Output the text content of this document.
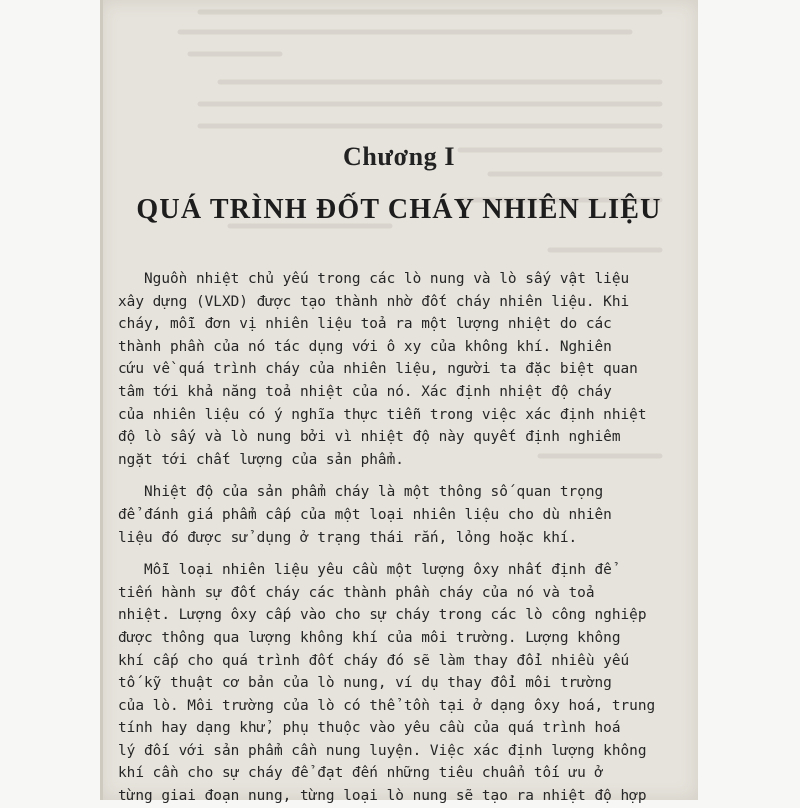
Chương I
QUÁ TRÌNH ĐỐT CHÁY NHIÊN LIỆU
Nguồn nhiệt chủ yếu trong các lò nung và lò sấy vật liệu
xây dựng (VLXD) được tạo thành nhờ đốt cháy nhiên liệu. Khi
cháy, mỗi đơn vị nhiên liệu toả ra một lượng nhiệt do các
thành phần của nó tác dụng với ô xy của không khí. Nghiên
cứu về quá trình cháy của nhiên liệu, người ta đặc biệt quan
tâm tới khả năng toả nhiệt của nó. Xác định nhiệt độ cháy
của nhiên liệu có ý nghĩa thực tiễn trong việc xác định nhiệt
độ lò sấy và lò nung bởi vì nhiệt độ này quyết định nghiêm
ngặt tới chất lượng của sản phẩm.
Nhiệt độ của sản phẩm cháy là một thông số quan trọng
để đánh giá phẩm cấp của một loại nhiên liệu cho dù nhiên
liệu đó được sử dụng ở trạng thái rắn, lỏng hoặc khí.
Mỗi loại nhiên liệu yêu cầu một lượng ôxy nhất định để
tiến hành sự đốt cháy các thành phần cháy của nó và toả
nhiệt. Lượng ôxy cấp vào cho sự cháy trong các lò công nghiệp
được thông qua lượng không khí của môi trường. Lượng không
khí cấp cho quá trình đốt cháy đó sẽ làm thay đổi nhiều yếu
tố kỹ thuật cơ bản của lò nung, ví dụ thay đổi môi trường
của lò. Môi trường của lò có thể tồn tại ở dạng ôxy hoá, trung
tính hay dạng khử, phụ thuộc vào yêu cầu của quá trình hoá
lý đối với sản phẩm cần nung luyện. Việc xác định lượng không
khí cần cho sự cháy để đạt đến những tiêu chuẩn tối ưu ở
từng giai đoạn nung, từng loại lò nung sẽ tạo ra nhiệt độ hợp
